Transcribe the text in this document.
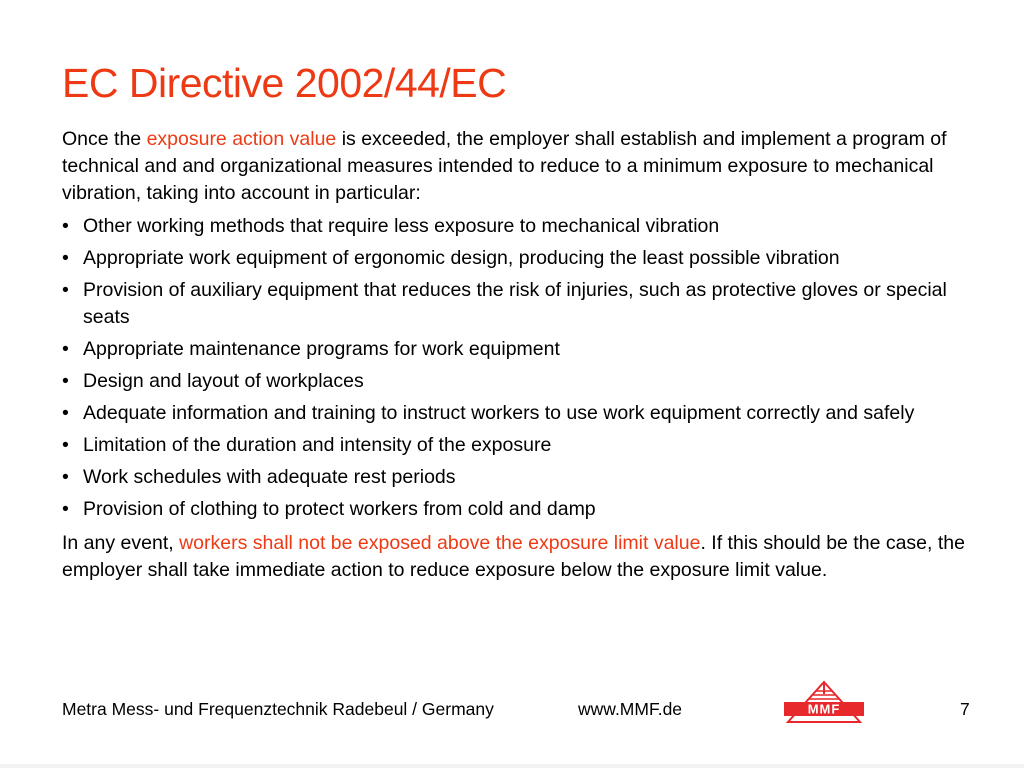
EC Directive 2002/44/EC

Once the exposure action value is exceeded, the employer shall establish and implement a program of technical and and organizational measures intended to reduce to a minimum exposure to mechanical vibration, taking into account in particular:

• Other working methods that require less exposure to mechanical vibration
• Appropriate work equipment of ergonomic design, producing the least possible vibration
• Provision of auxiliary equipment that reduces the risk of injuries, such as protective gloves or special seats
• Appropriate maintenance programs for work equipment
• Design and layout of workplaces
• Adequate information and training to instruct workers to use work equipment correctly and safely
• Limitation of the duration and intensity of the exposure
• Work schedules with adequate rest periods
• Provision of clothing to protect workers from cold and damp

In any event, workers shall not be exposed above the exposure limit value. If this should be the case, the employer shall take immediate action to reduce exposure below the exposure limit value.

Metra Mess- und Frequenztechnik Radebeul / Germany	www.MMF.de	MMF	7
